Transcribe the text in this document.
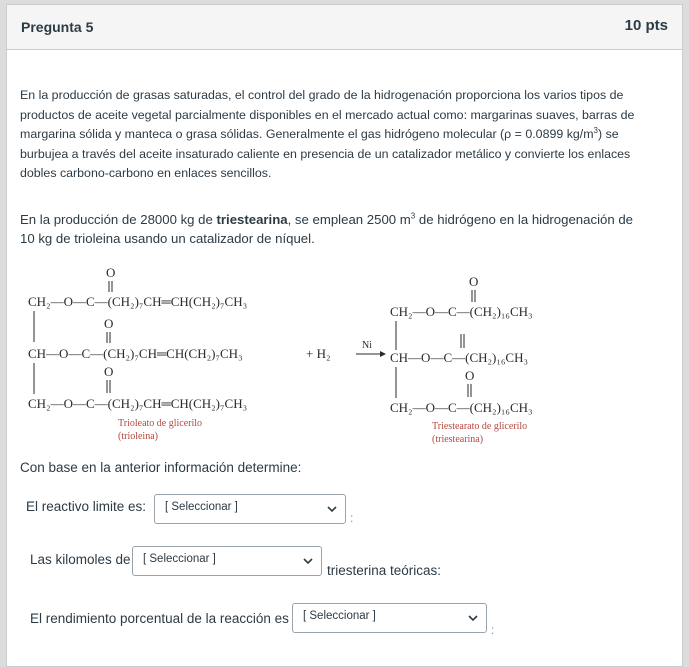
Pregunta 5	10 pts
En la producción de grasas saturadas, el control del grado de la hidrogenación proporciona los varios tipos de productos de aceite vegetal parcialmente disponibles en el mercado actual como: margarinas suaves, barras de margarina sólida y manteca o grasa sólidas. Generalmente el gas hidrógeno molecular (ρ = 0.0899 $kg/m^3$) se burbujea a través del aceite insaturado caliente en presencia de un catalizador metálico y convierte los enlaces dobles carbono-carbono en enlaces sencillos.
En la producción de 28000 kg de triestearina, se emplean 2500 $m^3$ de hidrógeno en la hidrogenación de 10 kg de trioleina usando un catalizador de níquel.
O
CH₂—O—C—(CH₂)₇CH═CH(CH₂)₇CH₃
O
CH—O—C—(CH₂)₇CH═CH(CH₂)₇CH₃
O
CH₂—O—C—(CH₂)₇CH═CH(CH₂)₇CH₃
Trioleato de glicerilo
(trioleina)
+ H₂
Ni
O
CH₂—O—C—(CH₂)₁₆CH₃
CH—O—C—(CH₂)₁₆CH₃
O
CH₂—O—C—(CH₂)₁₆CH₃
Triestearato de glicerilo
(triestearina)
Con base en la anterior información determine:
El reactivo limite es: [ Seleccionar ]
:
Las kilomoles de [ Seleccionar ]
triesterina teóricas:
El rendimiento porcentual de la reacción es [ Seleccionar ]
:
